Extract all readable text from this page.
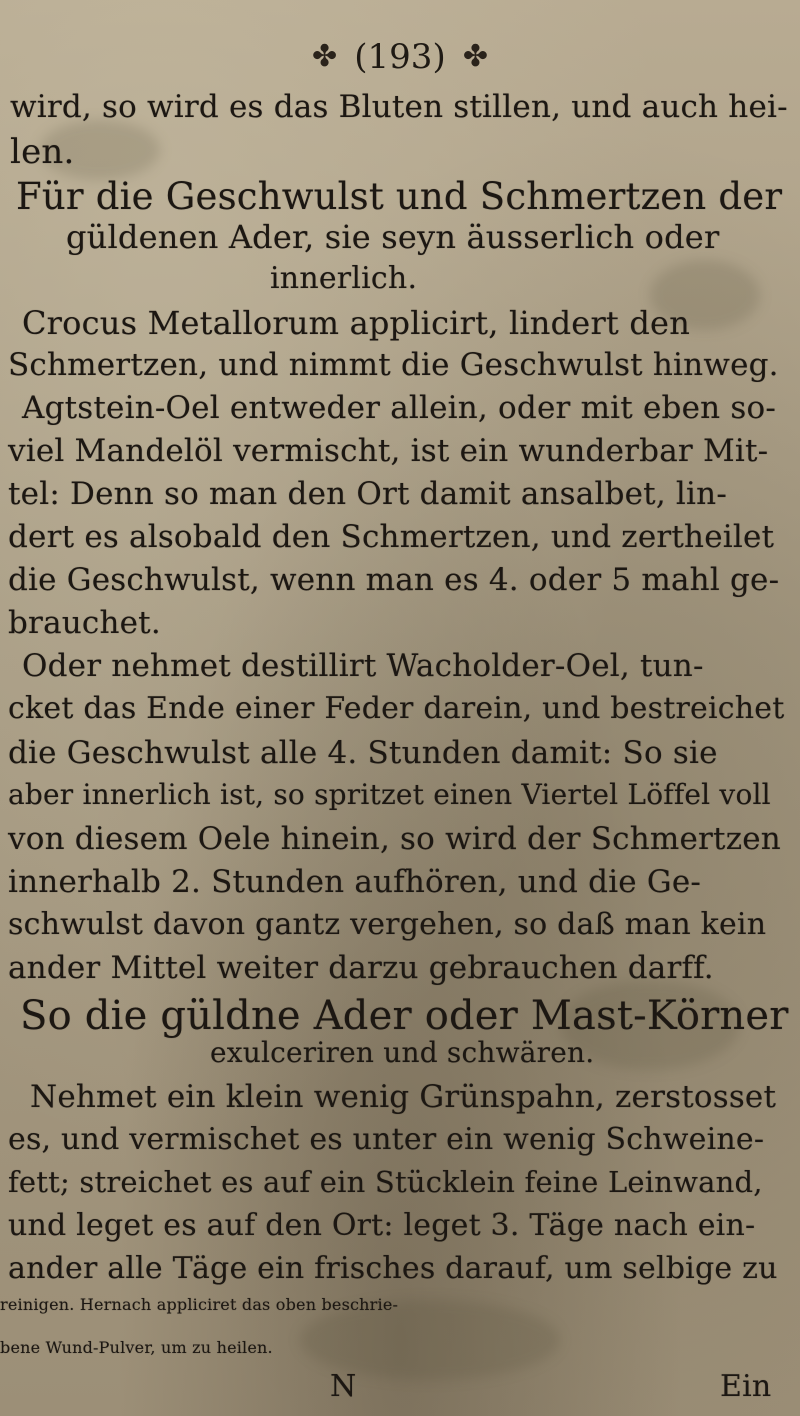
✤ (193) ✤
wird, so wird es das Bluten stillen, und auch hei-
len.
Für die Geschwulst und Schmertzen der
güldenen Ader, sie seyn äusserlich oder
innerlich.
Crocus Metallorum applicirt, lindert den
Schmertzen, und nimmt die Geschwulst hinweg.
Agtstein-Oel entweder allein, oder mit eben so-
viel Mandelöl vermischt, ist ein wunderbar Mit-
tel: Denn so man den Ort damit ansalbet, lin-
dert es alsobald den Schmertzen, und zertheilet
die Geschwulst, wenn man es 4. oder 5 mahl ge-
brauchet.
Oder nehmet destillirt Wacholder-Oel, tun-
cket das Ende einer Feder darein, und bestreichet
die Geschwulst alle 4. Stunden damit: So sie
aber innerlich ist, so spritzet einen Viertel Löffel voll
von diesem Oele hinein, so wird der Schmertzen
innerhalb 2. Stunden aufhören, und die Ge-
schwulst davon gantz vergehen, so daß man kein
ander Mittel weiter darzu gebrauchen darff.
So die güldne Ader oder Mast-Körner
exulceriren und schwären.
Nehmet ein klein wenig Grünspahn, zerstosset
es, und vermischet es unter ein wenig Schweine-
fett; streichet es auf ein Stücklein feine Leinwand,
und leget es auf den Ort: leget 3. Täge nach ein-
ander alle Täge ein frisches darauf, um selbige zu
reinigen. Hernach appliciret das oben beschrie-
bene Wund-Pulver, um zu heilen.
N	Ein
